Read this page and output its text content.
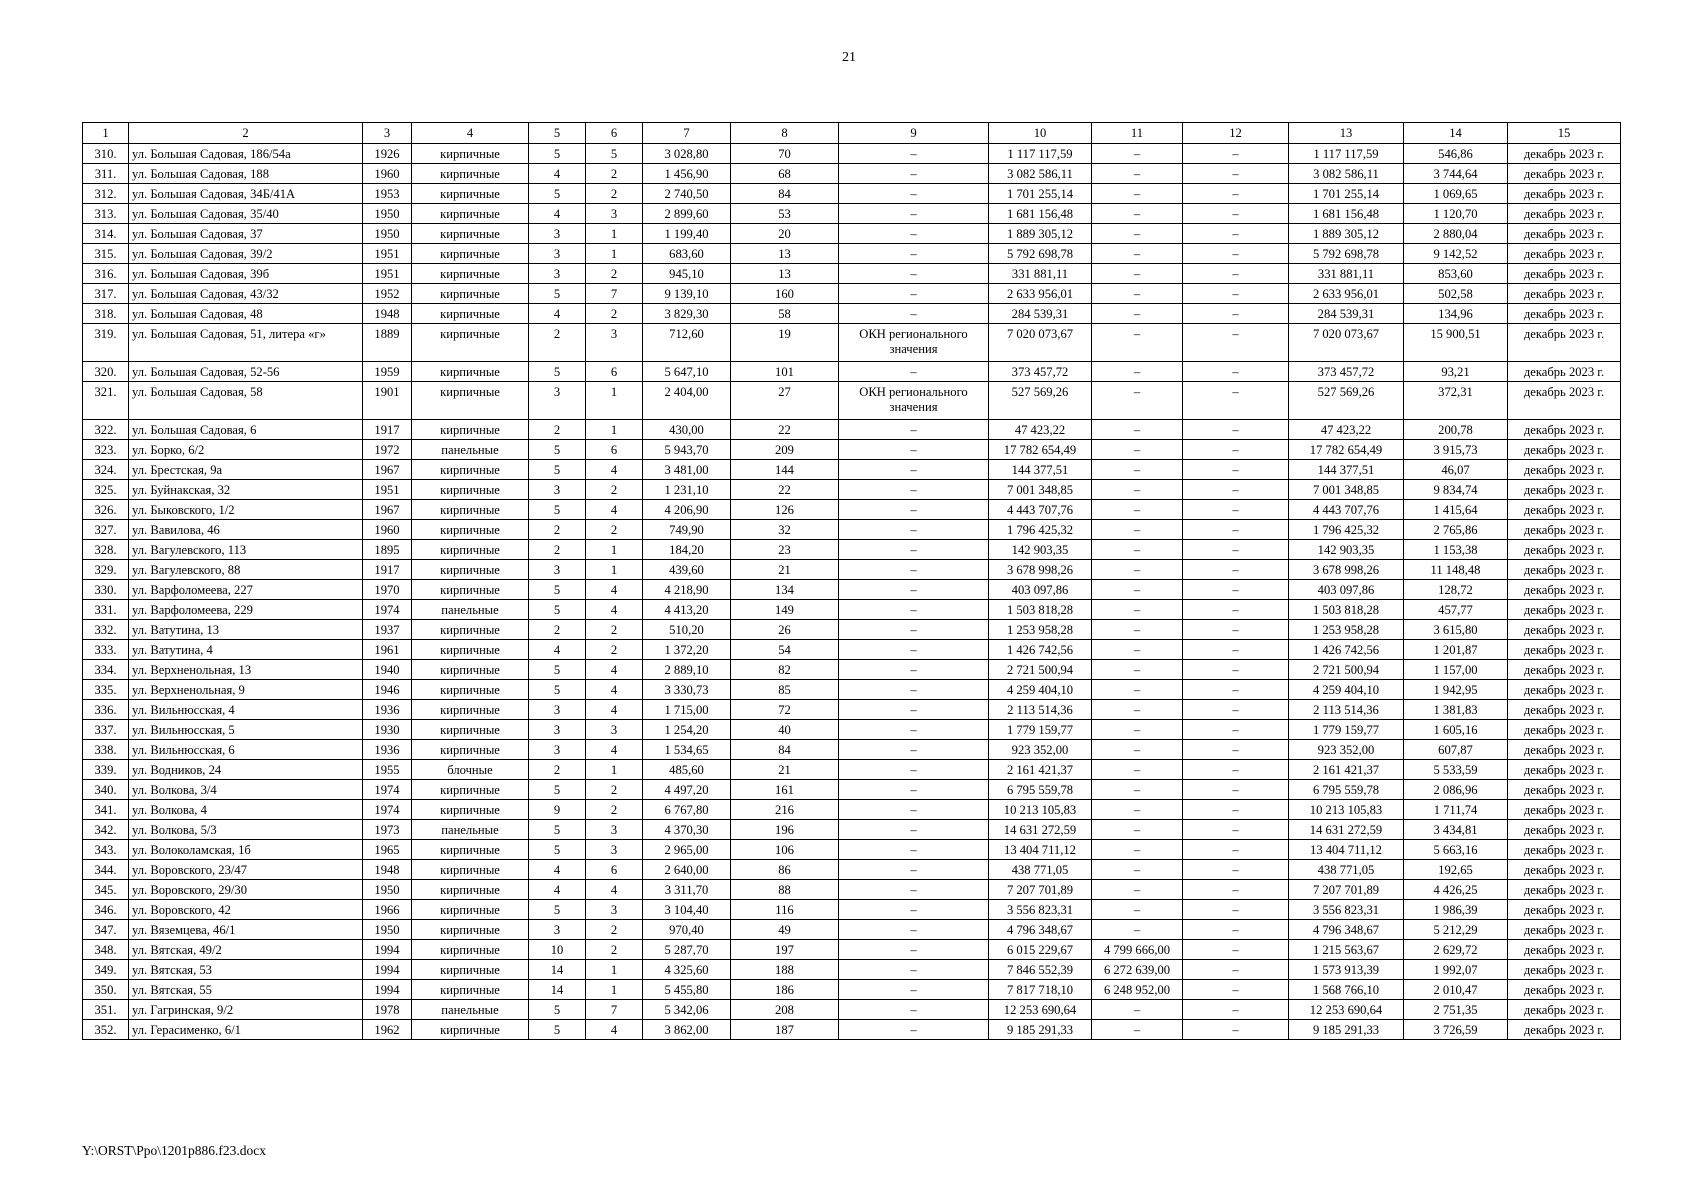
21
1	2	3	4	5	6	7	8	9	10	11	12	13	14	15
310.	ул. Большая Садовая, 186/54а	1926	кирпичные	5	5	3 028,80	70	–	1 117 117,59	–	–	1 117 117,59	546,86	декабрь 2023 г.
311.	ул. Большая Садовая, 188	1960	кирпичные	4	2	1 456,90	68	–	3 082 586,11	–	–	3 082 586,11	3 744,64	декабрь 2023 г.
312.	ул. Большая Садовая, 34Б/41А	1953	кирпичные	5	2	2 740,50	84	–	1 701 255,14	–	–	1 701 255,14	1 069,65	декабрь 2023 г.
313.	ул. Большая Садовая, 35/40	1950	кирпичные	4	3	2 899,60	53	–	1 681 156,48	–	–	1 681 156,48	1 120,70	декабрь 2023 г.
314.	ул. Большая Садовая, 37	1950	кирпичные	3	1	1 199,40	20	–	1 889 305,12	–	–	1 889 305,12	2 880,04	декабрь 2023 г.
315.	ул. Большая Садовая, 39/2	1951	кирпичные	3	1	683,60	13	–	5 792 698,78	–	–	5 792 698,78	9 142,52	декабрь 2023 г.
316.	ул. Большая Садовая, 39б	1951	кирпичные	3	2	945,10	13	–	331 881,11	–	–	331 881,11	853,60	декабрь 2023 г.
317.	ул. Большая Садовая, 43/32	1952	кирпичные	5	7	9 139,10	160	–	2 633 956,01	–	–	2 633 956,01	502,58	декабрь 2023 г.
318.	ул. Большая Садовая, 48	1948	кирпичные	4	2	3 829,30	58	–	284 539,31	–	–	284 539,31	134,96	декабрь 2023 г.
319.	ул. Большая Садовая, 51, литера «г»	1889	кирпичные	2	3	712,60	19	ОКН регионального значения	7 020 073,67	–	–	7 020 073,67	15 900,51	декабрь 2023 г.
320.	ул. Большая Садовая, 52-56	1959	кирпичные	5	6	5 647,10	101	–	373 457,72	–	–	373 457,72	93,21	декабрь 2023 г.
321.	ул. Большая Садовая, 58	1901	кирпичные	3	1	2 404,00	27	ОКН регионального значения	527 569,26	–	–	527 569,26	372,31	декабрь 2023 г.
322.	ул. Большая Садовая, 6	1917	кирпичные	2	1	430,00	22	–	47 423,22	–	–	47 423,22	200,78	декабрь 2023 г.
323.	ул. Борко, 6/2	1972	панельные	5	6	5 943,70	209	–	17 782 654,49	–	–	17 782 654,49	3 915,73	декабрь 2023 г.
324.	ул. Брестская, 9а	1967	кирпичные	5	4	3 481,00	144	–	144 377,51	–	–	144 377,51	46,07	декабрь 2023 г.
325.	ул. Буйнакская, 32	1951	кирпичные	3	2	1 231,10	22	–	7 001 348,85	–	–	7 001 348,85	9 834,74	декабрь 2023 г.
326.	ул. Быковского, 1/2	1967	кирпичные	5	4	4 206,90	126	–	4 443 707,76	–	–	4 443 707,76	1 415,64	декабрь 2023 г.
327.	ул. Вавилова, 46	1960	кирпичные	2	2	749,90	32	–	1 796 425,32	–	–	1 796 425,32	2 765,86	декабрь 2023 г.
328.	ул. Вагулевского, 113	1895	кирпичные	2	1	184,20	23	–	142 903,35	–	–	142 903,35	1 153,38	декабрь 2023 г.
329.	ул. Вагулевского, 88	1917	кирпичные	3	1	439,60	21	–	3 678 998,26	–	–	3 678 998,26	11 148,48	декабрь 2023 г.
330.	ул. Варфоломеева, 227	1970	кирпичные	5	4	4 218,90	134	–	403 097,86	–	–	403 097,86	128,72	декабрь 2023 г.
331.	ул. Варфоломеева, 229	1974	панельные	5	4	4 413,20	149	–	1 503 818,28	–	–	1 503 818,28	457,77	декабрь 2023 г.
332.	ул. Ватутина, 13	1937	кирпичные	2	2	510,20	26	–	1 253 958,28	–	–	1 253 958,28	3 615,80	декабрь 2023 г.
333.	ул. Ватутина, 4	1961	кирпичные	4	2	1 372,20	54	–	1 426 742,56	–	–	1 426 742,56	1 201,87	декабрь 2023 г.
334.	ул. Верхненольная, 13	1940	кирпичные	5	4	2 889,10	82	–	2 721 500,94	–	–	2 721 500,94	1 157,00	декабрь 2023 г.
335.	ул. Верхненольная, 9	1946	кирпичные	5	4	3 330,73	85	–	4 259 404,10	–	–	4 259 404,10	1 942,95	декабрь 2023 г.
336.	ул. Вильнюсская, 4	1936	кирпичные	3	4	1 715,00	72	–	2 113 514,36	–	–	2 113 514,36	1 381,83	декабрь 2023 г.
337.	ул. Вильнюсская, 5	1930	кирпичные	3	3	1 254,20	40	–	1 779 159,77	–	–	1 779 159,77	1 605,16	декабрь 2023 г.
338.	ул. Вильнюсская, 6	1936	кирпичные	3	4	1 534,65	84	–	923 352,00	–	–	923 352,00	607,87	декабрь 2023 г.
339.	ул. Водников, 24	1955	блочные	2	1	485,60	21	–	2 161 421,37	–	–	2 161 421,37	5 533,59	декабрь 2023 г.
340.	ул. Волкова, 3/4	1974	кирпичные	5	2	4 497,20	161	–	6 795 559,78	–	–	6 795 559,78	2 086,96	декабрь 2023 г.
341.	ул. Волкова, 4	1974	кирпичные	9	2	6 767,80	216	–	10 213 105,83	–	–	10 213 105,83	1 711,74	декабрь 2023 г.
342.	ул. Волкова, 5/3	1973	панельные	5	3	4 370,30	196	–	14 631 272,59	–	–	14 631 272,59	3 434,81	декабрь 2023 г.
343.	ул. Волоколамская, 1б	1965	кирпичные	5	3	2 965,00	106	–	13 404 711,12	–	–	13 404 711,12	5 663,16	декабрь 2023 г.
344.	ул. Воровского, 23/47	1948	кирпичные	4	6	2 640,00	86	–	438 771,05	–	–	438 771,05	192,65	декабрь 2023 г.
345.	ул. Воровского, 29/30	1950	кирпичные	4	4	3 311,70	88	–	7 207 701,89	–	–	7 207 701,89	4 426,25	декабрь 2023 г.
346.	ул. Воровского, 42	1966	кирпичные	5	3	3 104,40	116	–	3 556 823,31	–	–	3 556 823,31	1 986,39	декабрь 2023 г.
347.	ул. Вяземцева, 46/1	1950	кирпичные	3	2	970,40	49	–	4 796 348,67	–	–	4 796 348,67	5 212,29	декабрь 2023 г.
348.	ул. Вятская, 49/2	1994	кирпичные	10	2	5 287,70	197	–	6 015 229,67	4 799 666,00	–	1 215 563,67	2 629,72	декабрь 2023 г.
349.	ул. Вятская, 53	1994	кирпичные	14	1	4 325,60	188	–	7 846 552,39	6 272 639,00	–	1 573 913,39	1 992,07	декабрь 2023 г.
350.	ул. Вятская, 55	1994	кирпичные	14	1	5 455,80	186	–	7 817 718,10	6 248 952,00	–	1 568 766,10	2 010,47	декабрь 2023 г.
351.	ул. Гагринская, 9/2	1978	панельные	5	7	5 342,06	208	–	12 253 690,64	–	–	12 253 690,64	2 751,35	декабрь 2023 г.
352.	ул. Герасименко, 6/1	1962	кирпичные	5	4	3 862,00	187	–	9 185 291,33	–	–	9 185 291,33	3 726,59	декабрь 2023 г.
Y:\ORST\Ppo\1201p886.f23.docx
